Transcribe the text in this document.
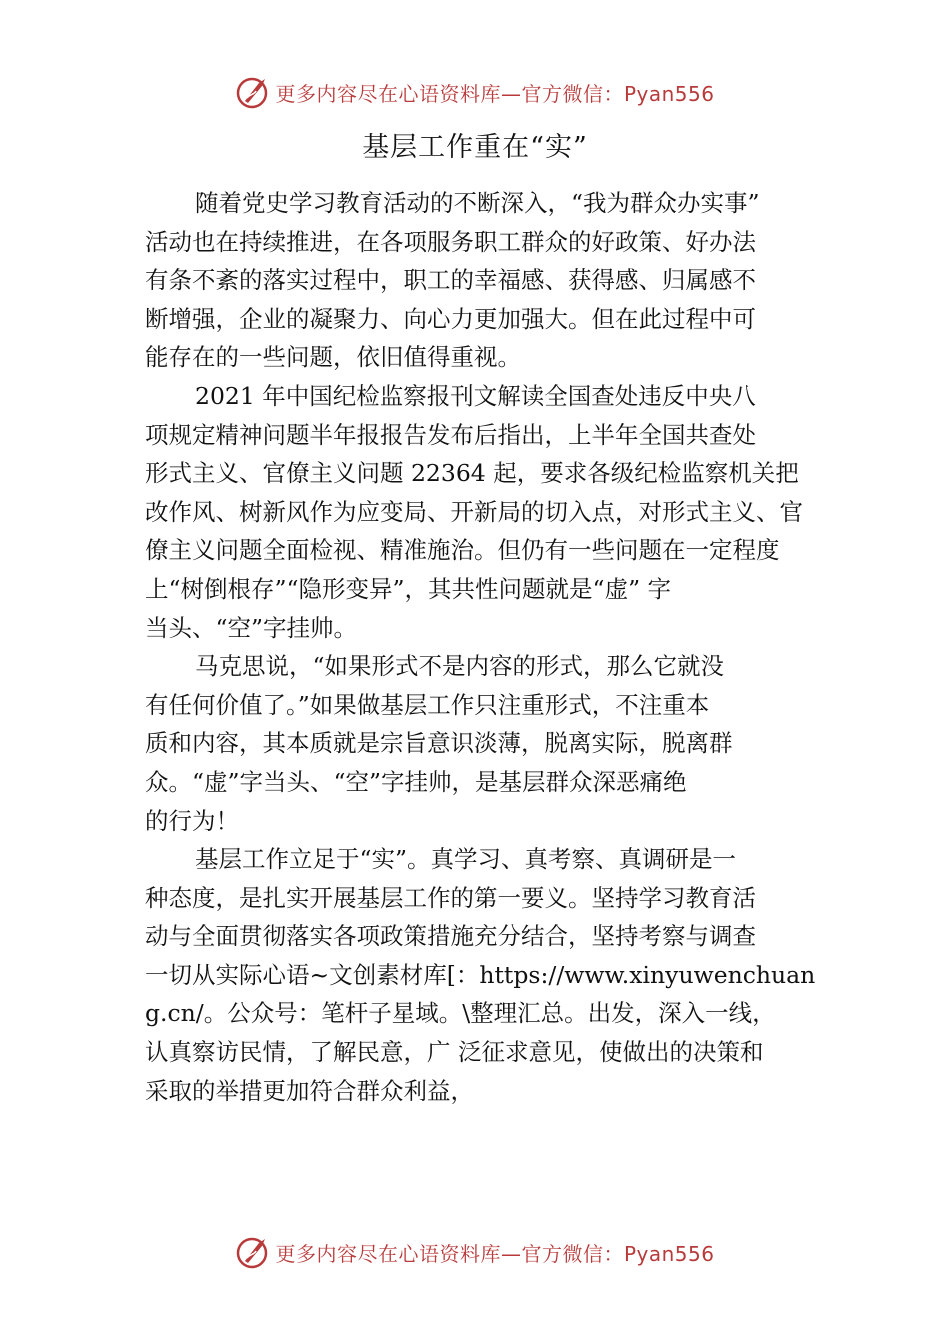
更多内容尽在心语资料库—官方微信：Pyan556
基层工作重在“实”
随着党史学习教育活动的不断深入，“我为群众办实事”
活动也在持续推进，在各项服务职工群众的好政策、好办法
有条不紊的落实过程中，职工的幸福感、获得感、归属感不
断增强，企业的凝聚力、向心力更加强大。但在此过程中可
能存在的一些问题，依旧值得重视。
2021 年中国纪检监察报刊文解读全国查处违反中央八
项规定精神问题半年报报告发布后指出，上半年全国共查处
形式主义、官僚主义问题 22364 起，要求各级纪检监察机关把
改作风、树新风作为应变局、开新局的切入点，对形式主义、官
僚主义问题全面检视、精准施治。但仍有一些问题在一定程度
上“树倒根存”“隐形变异”，其共性问题就是“虚” 字
当头、“空”字挂帅。
马克思说，“如果形式不是内容的形式，那么它就没
有任何价值了。”如果做基层工作只注重形式，不注重本
质和内容，其本质就是宗旨意识淡薄，脱离实际，脱离群
众。“虚”字当头、“空”字挂帅，是基层群众深恶痛绝
的行为！
基层工作立足于“实”。真学习、真考察、真调研是一
种态度，是扎实开展基层工作的第一要义。坚持学习教育活
动与全面贯彻落实各项政策措施充分结合，坚持考察与调查
一切从实际心语~文创素材库[：https://www.xinyuwenchuan
g.cn/。公众号：笔杆子星域。\整理汇总。出发，深入一线，
认真察访民情，了解民意，广 泛征求意见，使做出的决策和
采取的举措更加符合群众利益，
更多内容尽在心语资料库—官方微信：Pyan556
